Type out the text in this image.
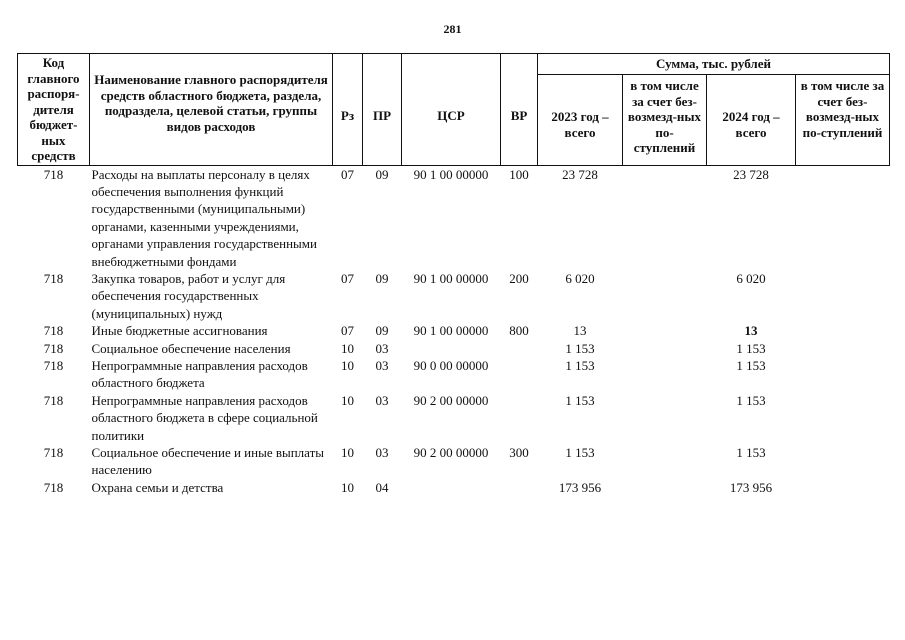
281
Код главного распоря-дителя бюджет-ных средств	Наименование главного распорядителя средств областного бюджета, раздела, подраздела, целевой статьи, группы видов расходов	Рз	ПР	ЦСР	ВР	Сумма, тыс. рублей			
						2023 год – всего	в том числе за счет без-возмезд-ных по-ступлений	2024 год – всего	в том числе за счет без-возмезд-ных по-ступлений
718	Расходы на выплаты персоналу в целях обеспечения выполнения функций государственными (муниципальными) органами, казенными учреждениями, органами управления государственными внебюджетными фондами	07	09	90 1 00 00000	100	23 728		23 728	
718	Закупка товаров, работ и услуг для обеспечения государственных (муниципальных) нужд	07	09	90 1 00 00000	200	6 020		6 020	
718	Иные бюджетные ассигнования	07	09	90 1 00 00000	800	13		13	
718	Социальное обеспечение населения	10	03			1 153		1 153	
718	Непрограммные направления расходов областного бюджета	10	03	90 0 00 00000		1 153		1 153	
718	Непрограммные направления расходов областного бюджета в сфере социальной политики	10	03	90 2 00 00000		1 153		1 153	
718	Социальное обеспечение и иные выплаты населению	10	03	90 2 00 00000	300	1 153		1 153	
718	Охрана семьи и детства	10	04			173 956		173 956	
